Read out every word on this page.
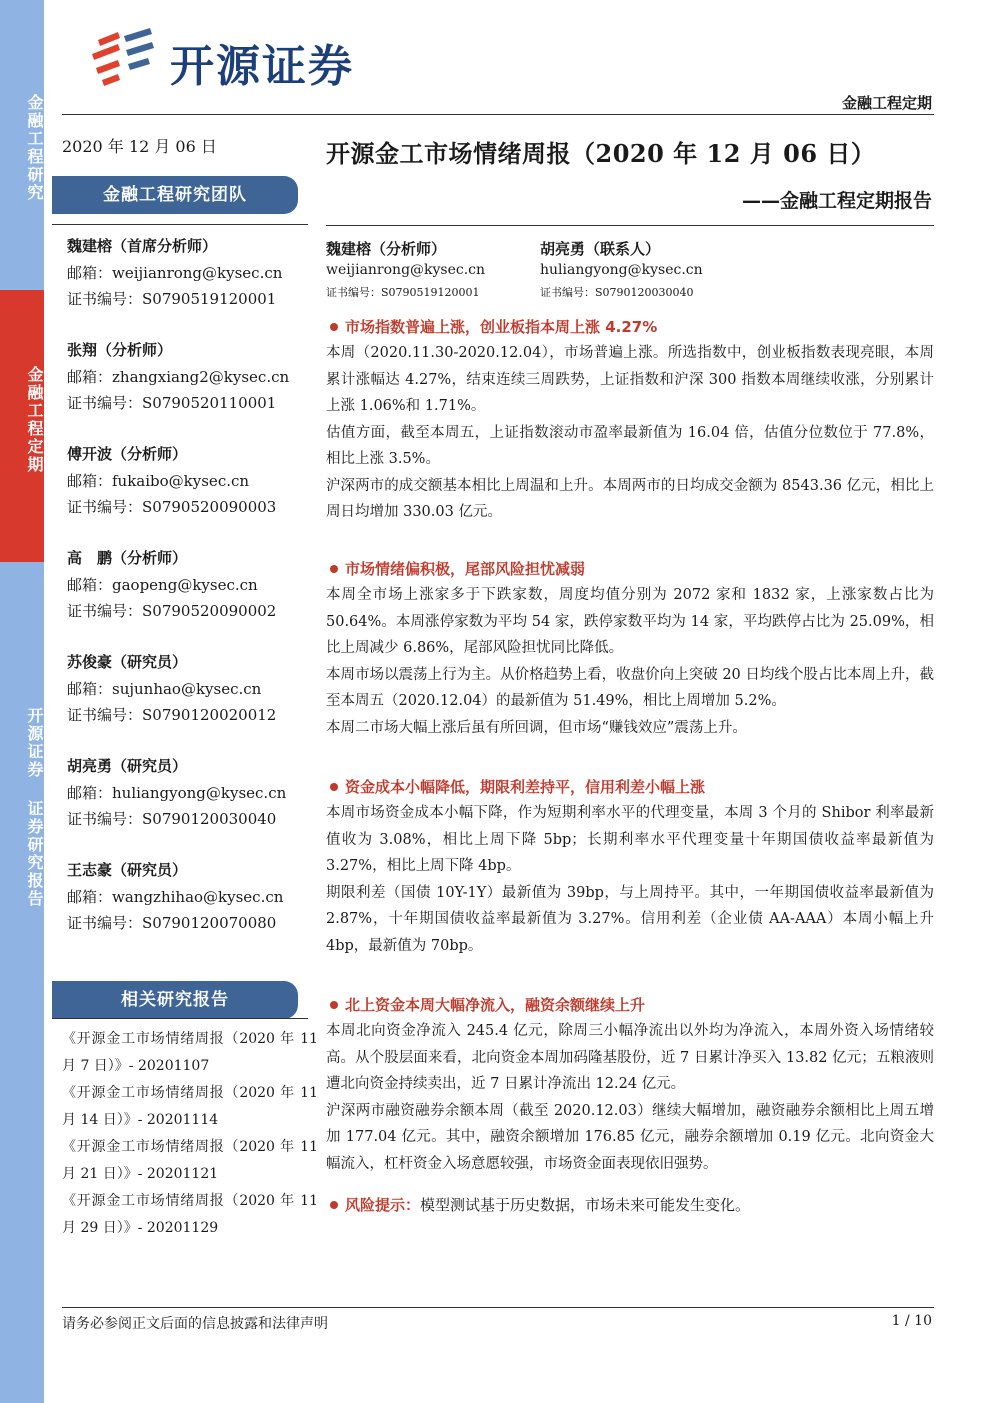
金融工程研究
金融工程定期
开源证券 证券研究报告
开源证券
金融工程定期
2020 年 12 月 06 日
金融工程研究团队
魏建榕（首席分析师）
邮箱：weijianrong@kysec.cn
证书编号：S0790519120001
张翔（分析师）
邮箱：zhangxiang2@kysec.cn
证书编号：S0790520110001
傅开波（分析师）
邮箱：fukaibo@kysec.cn
证书编号：S0790520090003
高　鹏（分析师）
邮箱：gaopeng@kysec.cn
证书编号：S0790520090002
苏俊豪（研究员）
邮箱：sujunhao@kysec.cn
证书编号：S0790120020012
胡亮勇（研究员）
邮箱：huliangyong@kysec.cn
证书编号：S0790120030040
王志豪（研究员）
邮箱：wangzhihao@kysec.cn
证书编号：S0790120070080
相关研究报告
《开源金工市场情绪周报（2020 年 11 月 7 日）》- 20201107
《开源金工市场情绪周报（2020 年 11 月 14 日）》- 20201114
《开源金工市场情绪周报（2020 年 11 月 21 日）》- 20201121
《开源金工市场情绪周报（2020 年 11 月 29 日）》- 20201129
开源金工市场情绪周报（2020 年 12 月 06 日）
——金融工程定期报告
魏建榕（分析师）
weijianrong@kysec.cn
证书编号：S0790519120001
胡亮勇（联系人）
huliangyong@kysec.cn
证书编号：S0790120030040
市场指数普遍上涨，创业板指本周上涨 4.27%

本周（2020.11.30-2020.12.04），市场普遍上涨。所选指数中，创业板指数表现亮眼，本周累计涨幅达 4.27%，结束连续三周跌势，上证指数和沪深 300 指数本周继续收涨，分别累计上涨 1.06%和 1.71%。

估值方面，截至本周五，上证指数滚动市盈率最新值为 16.04 倍，估值分位数位于 77.8%，相比上涨 3.5%。

沪深两市的成交额基本相比上周温和上升。本周两市的日均成交金额为 8543.36 亿元，相比上周日均增加 330.03 亿元。

市场情绪偏积极，尾部风险担忧减弱

本周全市场上涨家多于下跌家数，周度均值分别为 2072 家和 1832 家，上涨家数占比为 50.64%。本周涨停家数为平均 54 家，跌停家数平均为 14 家，平均跌停占比为 25.09%，相比上周减少 6.86%，尾部风险担忧同比降低。

本周市场以震荡上行为主。从价格趋势上看，收盘价向上突破 20 日均线个股占比本周上升，截至本周五（2020.12.04）的最新值为 51.49%，相比上周增加 5.2%。

本周二市场大幅上涨后虽有所回调，但市场“赚钱效应”震荡上升。

资金成本小幅降低，期限利差持平，信用利差小幅上涨

本周市场资金成本小幅下降，作为短期利率水平的代理变量，本周 3 个月的 Shibor 利率最新值收为 3.08%，相比上周下降 5bp；长期利率水平代理变量十年期国债收益率最新值为 3.27%，相比上周下降 4bp。

期限利差（国债 10Y-1Y）最新值为 39bp，与上周持平。其中，一年期国债收益率最新值为 2.87%，十年期国债收益率最新值为 3.27%。信用利差（企业债 AA-AAA）本周小幅上升 4bp，最新值为 70bp。

北上资金本周大幅净流入，融资余额继续上升

本周北向资金净流入 245.4 亿元，除周三小幅净流出以外均为净流入，本周外资入场情绪较高。从个股层面来看，北向资金本周加码隆基股份，近 7 日累计净买入 13.82 亿元；五粮液则遭北向资金持续卖出，近 7 日累计净流出 12.24 亿元。

沪深两市融资融券余额本周（截至 2020.12.03）继续大幅增加，融资融券余额相比上周五增加 177.04 亿元。其中，融资余额增加 176.85 亿元，融券余额增加 0.19 亿元。北向资金大幅流入，杠杆资金入场意愿较强，市场资金面表现依旧强势。

风险提示：模型测试基于历史数据，市场未来可能发生变化。
请务必参阅正文后面的信息披露和法律声明	1 / 10
